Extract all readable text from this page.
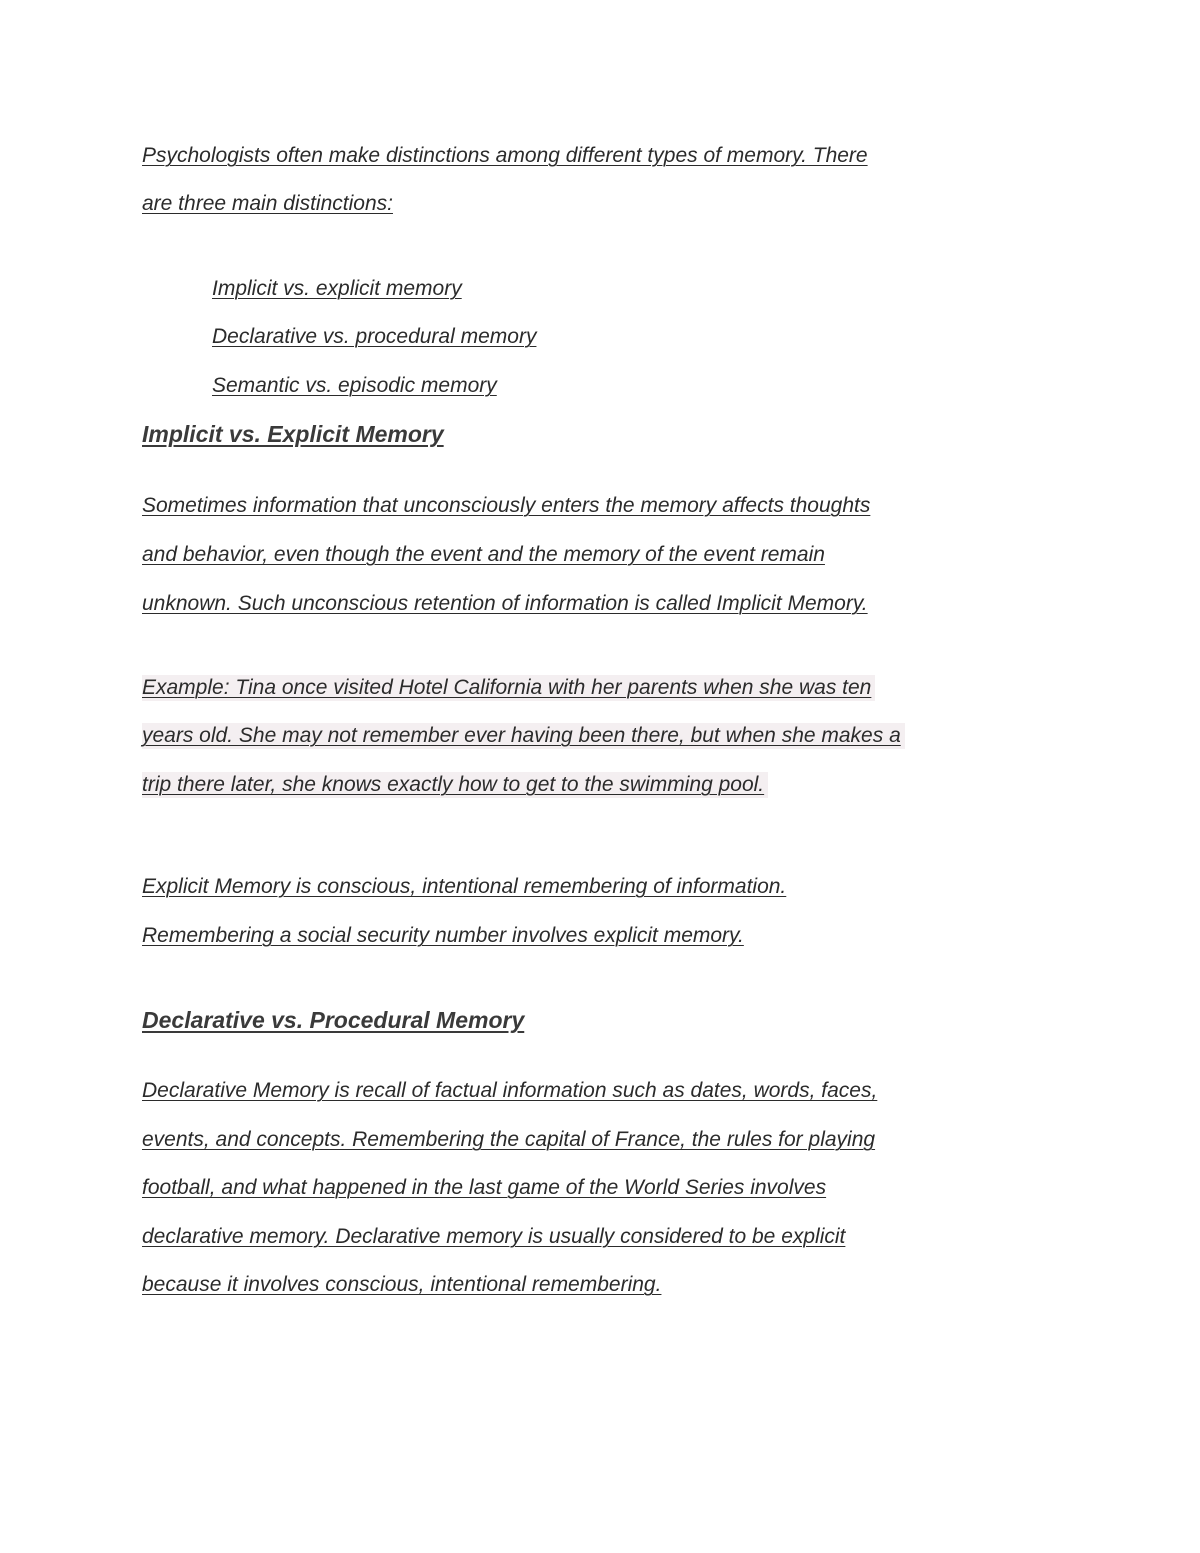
Psychologists often make distinctions among different types of memory. There
are three main distinctions:
Implicit vs. explicit memory
Declarative vs. procedural memory
Semantic vs. episodic memory
Implicit vs. Explicit Memory
Sometimes information that unconsciously enters the memory affects thoughts
and behavior, even though the event and the memory of the event remain
unknown. Such unconscious retention of information is called Implicit Memory.
Example: Tina once visited Hotel California with her parents when she was ten
years old. She may not remember ever having been there, but when she makes a
trip there later, she knows exactly how to get to the swimming pool.
Explicit Memory is conscious, intentional remembering of information.
Remembering a social security number involves explicit memory.
Declarative vs. Procedural Memory
Declarative Memory is recall of factual information such as dates, words, faces,
events, and concepts. Remembering the capital of France, the rules for playing
football, and what happened in the last game of the World Series involves
declarative memory. Declarative memory is usually considered to be explicit
because it involves conscious, intentional remembering.
